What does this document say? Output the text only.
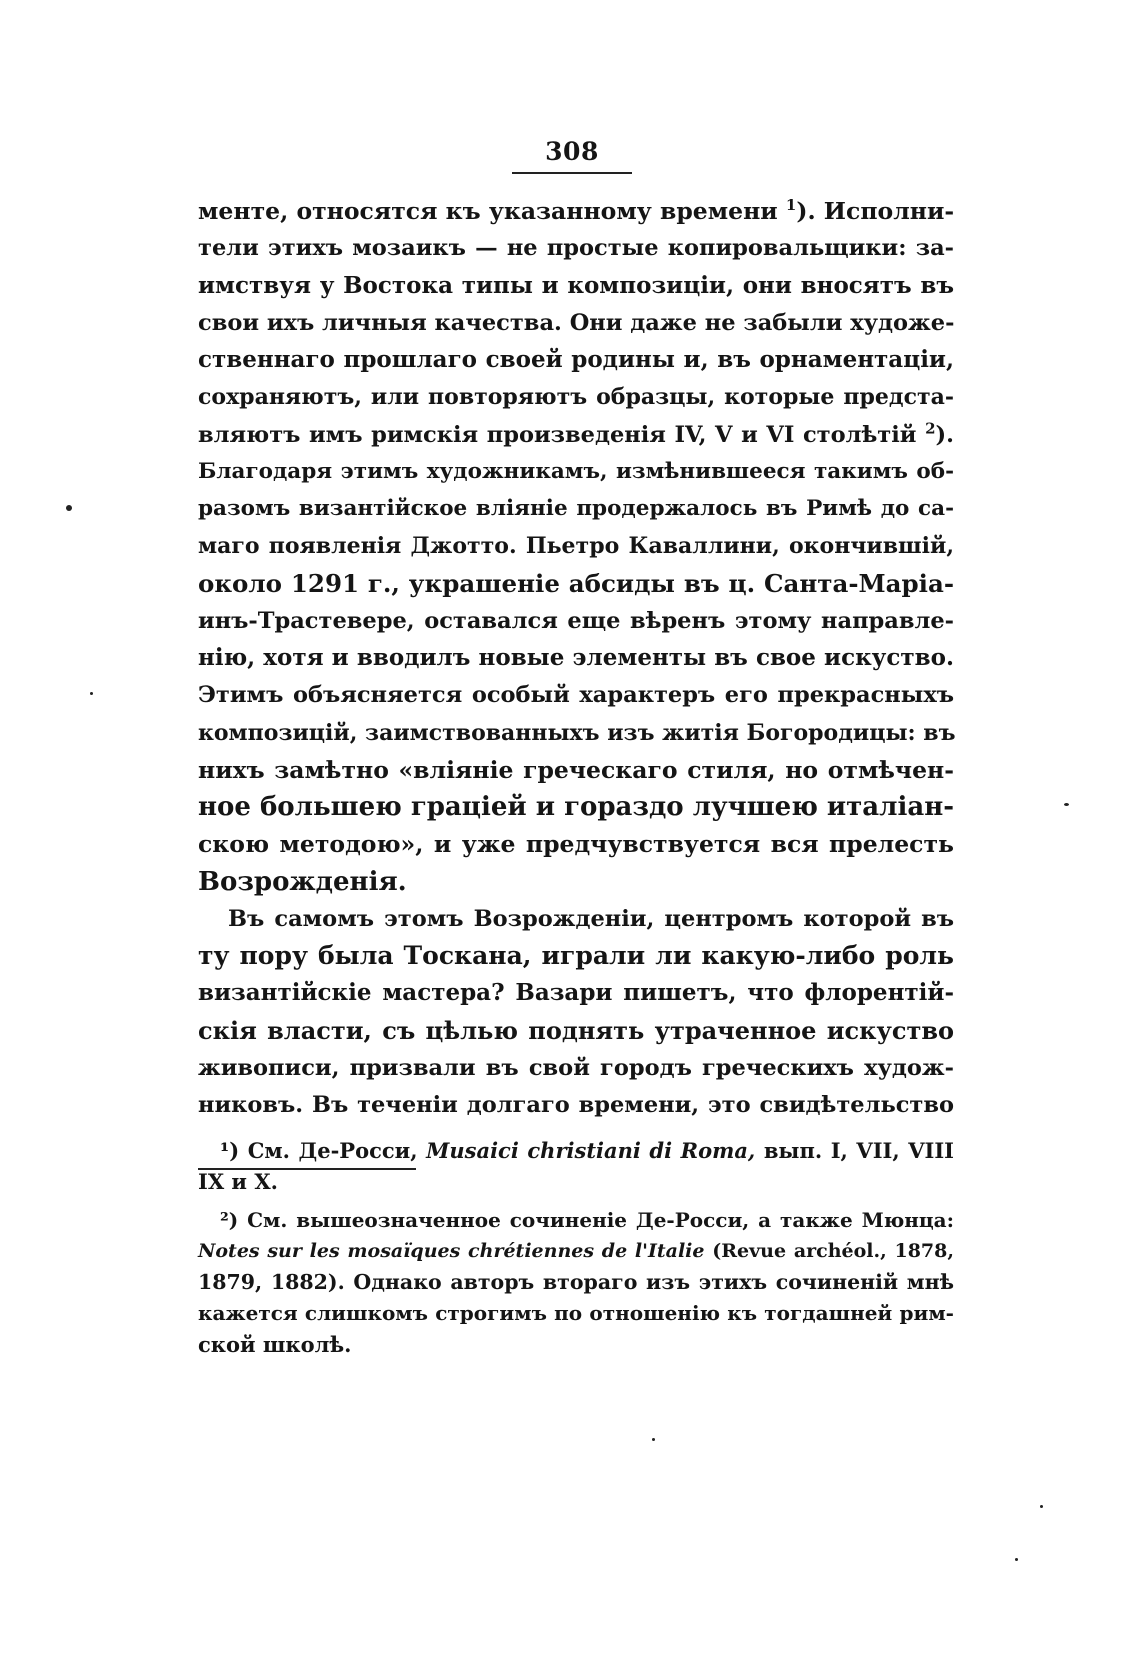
308
менте, относятся къ указанному времени $^1$). Исполни-
тели этихъ мозаикъ — не простые копировальщики: за-
имствуя у Востока типы и композиціи, они вносятъ въ
свои ихъ личныя качества. Они даже не забыли художе-
ственнаго прошлаго своей родины и, въ орнаментаціи,
сохраняютъ, или повторяютъ образцы, которые предста-
вляютъ имъ римскія произведенія IV, V и VI столѣтій $^2$).
Благодаря этимъ художникамъ, измѣнившееся такимъ об-
разомъ византійское вліяніе продержалось въ Римѣ до са-
маго появленія Джотто. Пьетро Каваллини, окончившій,
около 1291 г., украшеніе абсиды въ ц. Санта-Маріа-
инъ-Трастевере, оставался еще вѣренъ этому направле-
нію, хотя и вводилъ новые элементы въ свое искуство.
Этимъ объясняется особый характеръ его прекрасныхъ
композицій, заимствованныхъ изъ житія Богородицы: въ
нихъ замѣтно «вліяніе греческаго стиля, но отмѣчен-
ное большею граціей и гораздо лучшею италіан-
скою методою», и уже предчувствуется вся прелесть
Возрожденія.
Въ самомъ этомъ Возрожденіи, центромъ которой въ
ту пору была Тоскана, играли ли какую-либо роль
византійскіе мастера? Вазари пишетъ, что флорентій-
скія власти, съ цѣлью поднять утраченное искуство
живописи, призвали въ свой городъ греческихъ худож-
никовъ. Въ теченіи долгаго времени, это свидѣтельство
¹) См. Де-Росси, Musaici christiani di Roma, вып. I, VII, VIII
IX и X.
²) См. вышеозначенное сочиненіе Де-Росси, а также Мюнца:
Notes sur les mosaïques chrétiennes de l'Italie (Revue archéol., 1878,
1879, 1882). Однако авторъ втораго изъ этихъ сочиненій мнѣ
кажется слишкомъ строгимъ по отношенію къ тогдашней рим-
ской школѣ.
